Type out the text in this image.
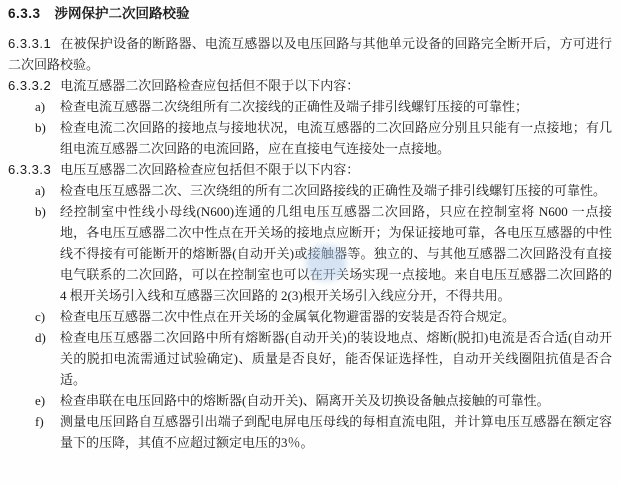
6.3.3 涉网保护二次回路校验

6.3.3.1 在被保护设备的断路器、电流互感器以及电压回路与其他单元设备的回路完全断开后，方可进行二次回路校验。

6.3.3.2 电流互感器二次回路检查应包括但不限于以下内容：

a) 检查电流互感器二次绕组所有二次接线的正确性及端子排引线螺钉压接的可靠性；
b) 检查电流二次回路的接地点与接地状况，电流互感器的二次回路应分别且只能有一点接地；有几组电流互感器二次回路的电流回路，应在直接电气连接处一点接地。

6.3.3.3 电压互感器二次回路检查应包括但不限于以下内容：

a) 检查电压互感器二次、三次绕组的所有二次回路接线的正确性及端子排引线螺钉压接的可靠性。
b) 经控制室中性线小母线(N600)连通的几组电压互感器二次回路，只应在控制室将 N600 一点接地，各电压互感器二次中性点在开关场的接地点应断开；为保证接地可靠，各电压互感器的中性线不得接有可能断开的熔断器(自动开关)或接触器等。独立的、与其他互感器二次回路没有直接电气联系的二次回路，可以在控制室也可以在开关场实现一点接地。来自电压互感器二次回路的 4 根开关场引入线和互感器三次回路的 2(3)根开关场引入线应分开，不得共用。
c) 检查电压互感器二次中性点在开关场的金属氧化物避雷器的安装是否符合规定。
d) 检查电压互感器二次回路中所有熔断器(自动开关)的装设地点、熔断(脱扣)电流是否合适(自动开关的脱扣电流需通过试验确定)、质量是否良好，能否保证选择性，自动开关线圈阻抗值是否合适。
e) 检查串联在电压回路中的熔断器(自动开关)、隔离开关及切换设备触点接触的可靠性。
f) 测量电压回路自互感器引出端子到配电屏电压母线的每相直流电阻，并计算电压互感器在额定容量下的压降，其值不应超过额定电压的3％。
